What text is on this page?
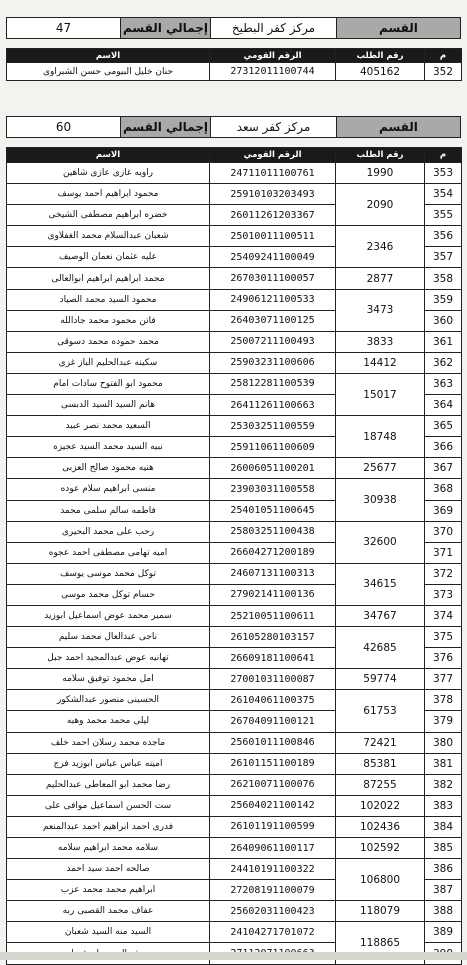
47	إجمالي القسم	مركز كفر البطيخ	القسم
الاسم	الرقم القومي	رقم الطلب	م
حنان خليل البيومى حسن الشبراوى	27312011100744	405162	352
60	إجمالي القسم	مركز كفر سعد	القسم
الاسم	الرقم القومي	رقم الطلب	م
راويه غازى عازى شاهين	24711011100761	1990	353
محمود ابراهيم احمد يوسف	25910103203493	2090	354
خضره ابراهيم مصطفى الشيخى	26011261203367		355
شعبان عبدالسلام محمد الغفلاوى	25010011100511	2346	356
عليه عثمان نعمان الوصيف	25409241100049		357
محمد ابراهيم ابراهيم ابوالعالى	26703011100057	2877	358
محمود السيد محمد الصياد	24906121100533	3473	359
فاتن محمود محمد جادالله	26403071100125		360
محمد حموده محمد دسوقى	25007211100493	3833	361
سكينه عبدالحليم الباز غزى	25903231100606	14412	362
محمود ابو الفتوح سادات امام	25812281100539	15017	363
هانم السيد السيد الدبسى	26411261100663		364
السعيد محمد نصر عبيد	25303251100559	18748	365
نبيه السيد محمد السيد عجيزه	25911061100609		366
هنيه محمود صالح العزبى	26006051100201	25677	367
منسى ابراهيم سلام عوده	23903031100558	30938	368
فاطمه سالم سلمى محمد	25401051100645		369
رحب على محمد البحيرى	25803251100438	32600	370
اميه تهامى مصطفى احمد عجوه	26604271200189		371
توكل محمد موسى يوسف	24607131100313	34615	372
حسام توكل محمد موسى	27902141100136		373
سمير محمد عوض اسماعيل ابوزيد	25210051100611	34767	374
ناجى عبدالعال محمد سليم	26105280103157	42685	375
تهانيه عوض عبدالمجيد احمد جبل	26609181100641		376
امل محمود توفيق سلامه	27001031100087	59774	377
الحسينى منصور عبدالشكور	26104061100375	61753	378
ليلى محمد محمد وهبه	26704091100121		379
ماجده محمد رسلان احمد خلف	25601011100846	72421	380
امينه عباس عباس ابوزيد فرج	26101151100189	85381	381
رضا محمد ابو المعاطى عبدالحليم	26210071100076	87255	382
ست الحسن اسماعيل موافى على	25604021100142	102022	383
فدرى احمد ابراهيم احمد عبدالمنعم	26101191100599	102436	384
سلامه محمد ابراهيم سلامه	26409061100117	102592	385
صالحه احمد سيد احمد	24410191100322	106800	386
ابراهيم محمد محمد عزب	27208191100079		387
عفاف محمد القصبى ربه	25602031100423	118079	388
السيد منه السيد شعبان	24104271701072	118865	389
